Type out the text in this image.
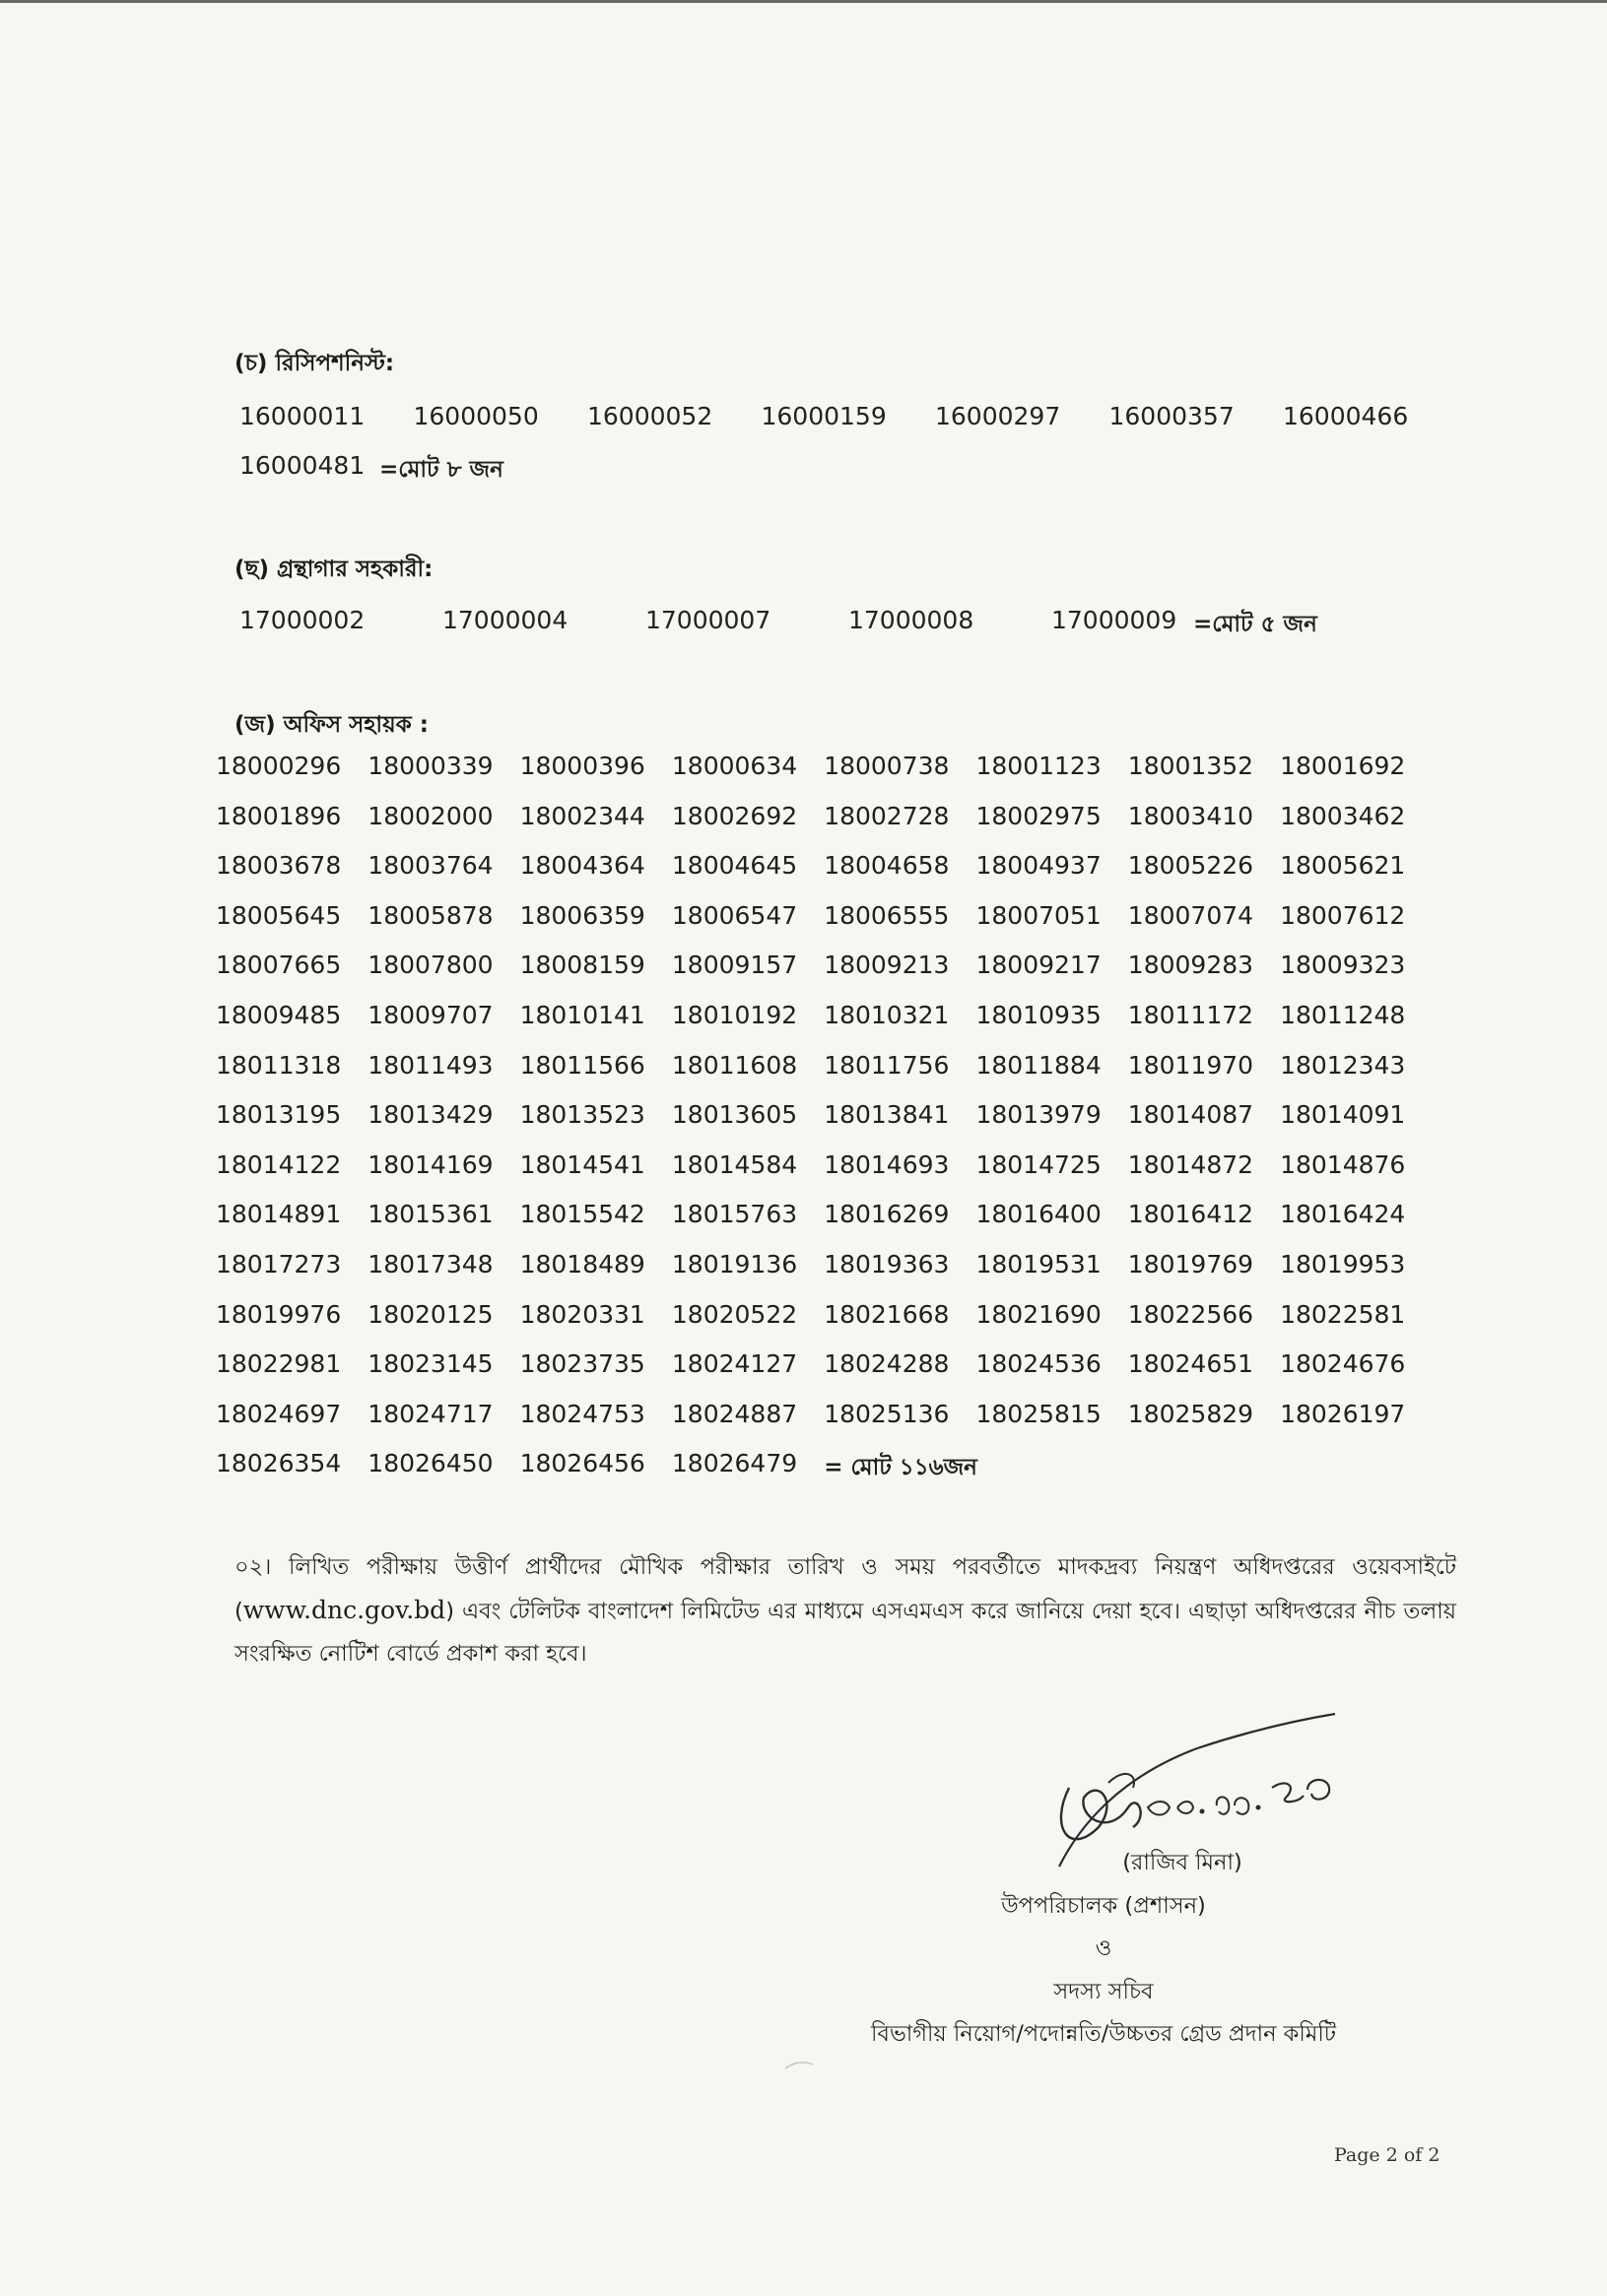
(চ) রিসিপশনিস্ট:
16000011 16000050 16000052 16000159 16000297 16000357 16000466
16000481 =মোট ৮ জন
(ছ) গ্রন্থাগার সহকারী:
17000002	17000004	17000007	17000008	17000009 =মোট ৫ জন
(জ) অফিস সহায়ক :
18000296 18000339 18000396 18000634 18000738 18001123 18001352 18001692
18001896 18002000 18002344 18002692 18002728 18002975 18003410 18003462
18003678 18003764 18004364 18004645 18004658 18004937 18005226 18005621
18005645 18005878 18006359 18006547 18006555 18007051 18007074 18007612
18007665 18007800 18008159 18009157 18009213 18009217 18009283 18009323
18009485 18009707 18010141 18010192 18010321 18010935 18011172 18011248
18011318 18011493 18011566 18011608 18011756 18011884 18011970 18012343
18013195 18013429 18013523 18013605 18013841 18013979 18014087 18014091
18014122 18014169 18014541 18014584 18014693 18014725 18014872 18014876
18014891 18015361 18015542 18015763 18016269 18016400 18016412 18016424
18017273 18017348 18018489 18019136 18019363 18019531 18019769 18019953
18019976 18020125 18020331 18020522 18021668 18021690 18022566 18022581
18022981 18023145 18023735 18024127 18024288 18024536 18024651 18024676
18024697 18024717 18024753 18024887 18025136 18025815 18025829 18026197
18026354 18026450 18026456 18026479 = মোট ১১৬জন
০২। লিখিত পরীক্ষায় উত্তীর্ণ প্রার্থীদের মৌখিক পরীক্ষার তারিখ ও সময় পরবর্তীতে মাদকদ্রব্য নিয়ন্ত্রণ অধিদপ্তরের ওয়েবসাইটে (www.dnc.gov.bd) এবং টেলিটক বাংলাদেশ লিমিটেড এর মাধ্যমে এসএমএস করে জানিয়ে দেয়া হবে। এছাড়া অধিদপ্তরের নীচ তলায় সংরক্ষিত নোটিশ বোর্ডে প্রকাশ করা হবে।
(রাজিব মিনা)
উপপরিচালক (প্রশাসন)
ও
সদস্য সচিব
বিভাগীয় নিয়োগ/পদোন্নতি/উচ্চতর গ্রেড প্রদান কমিটি
Page 2 of 2
